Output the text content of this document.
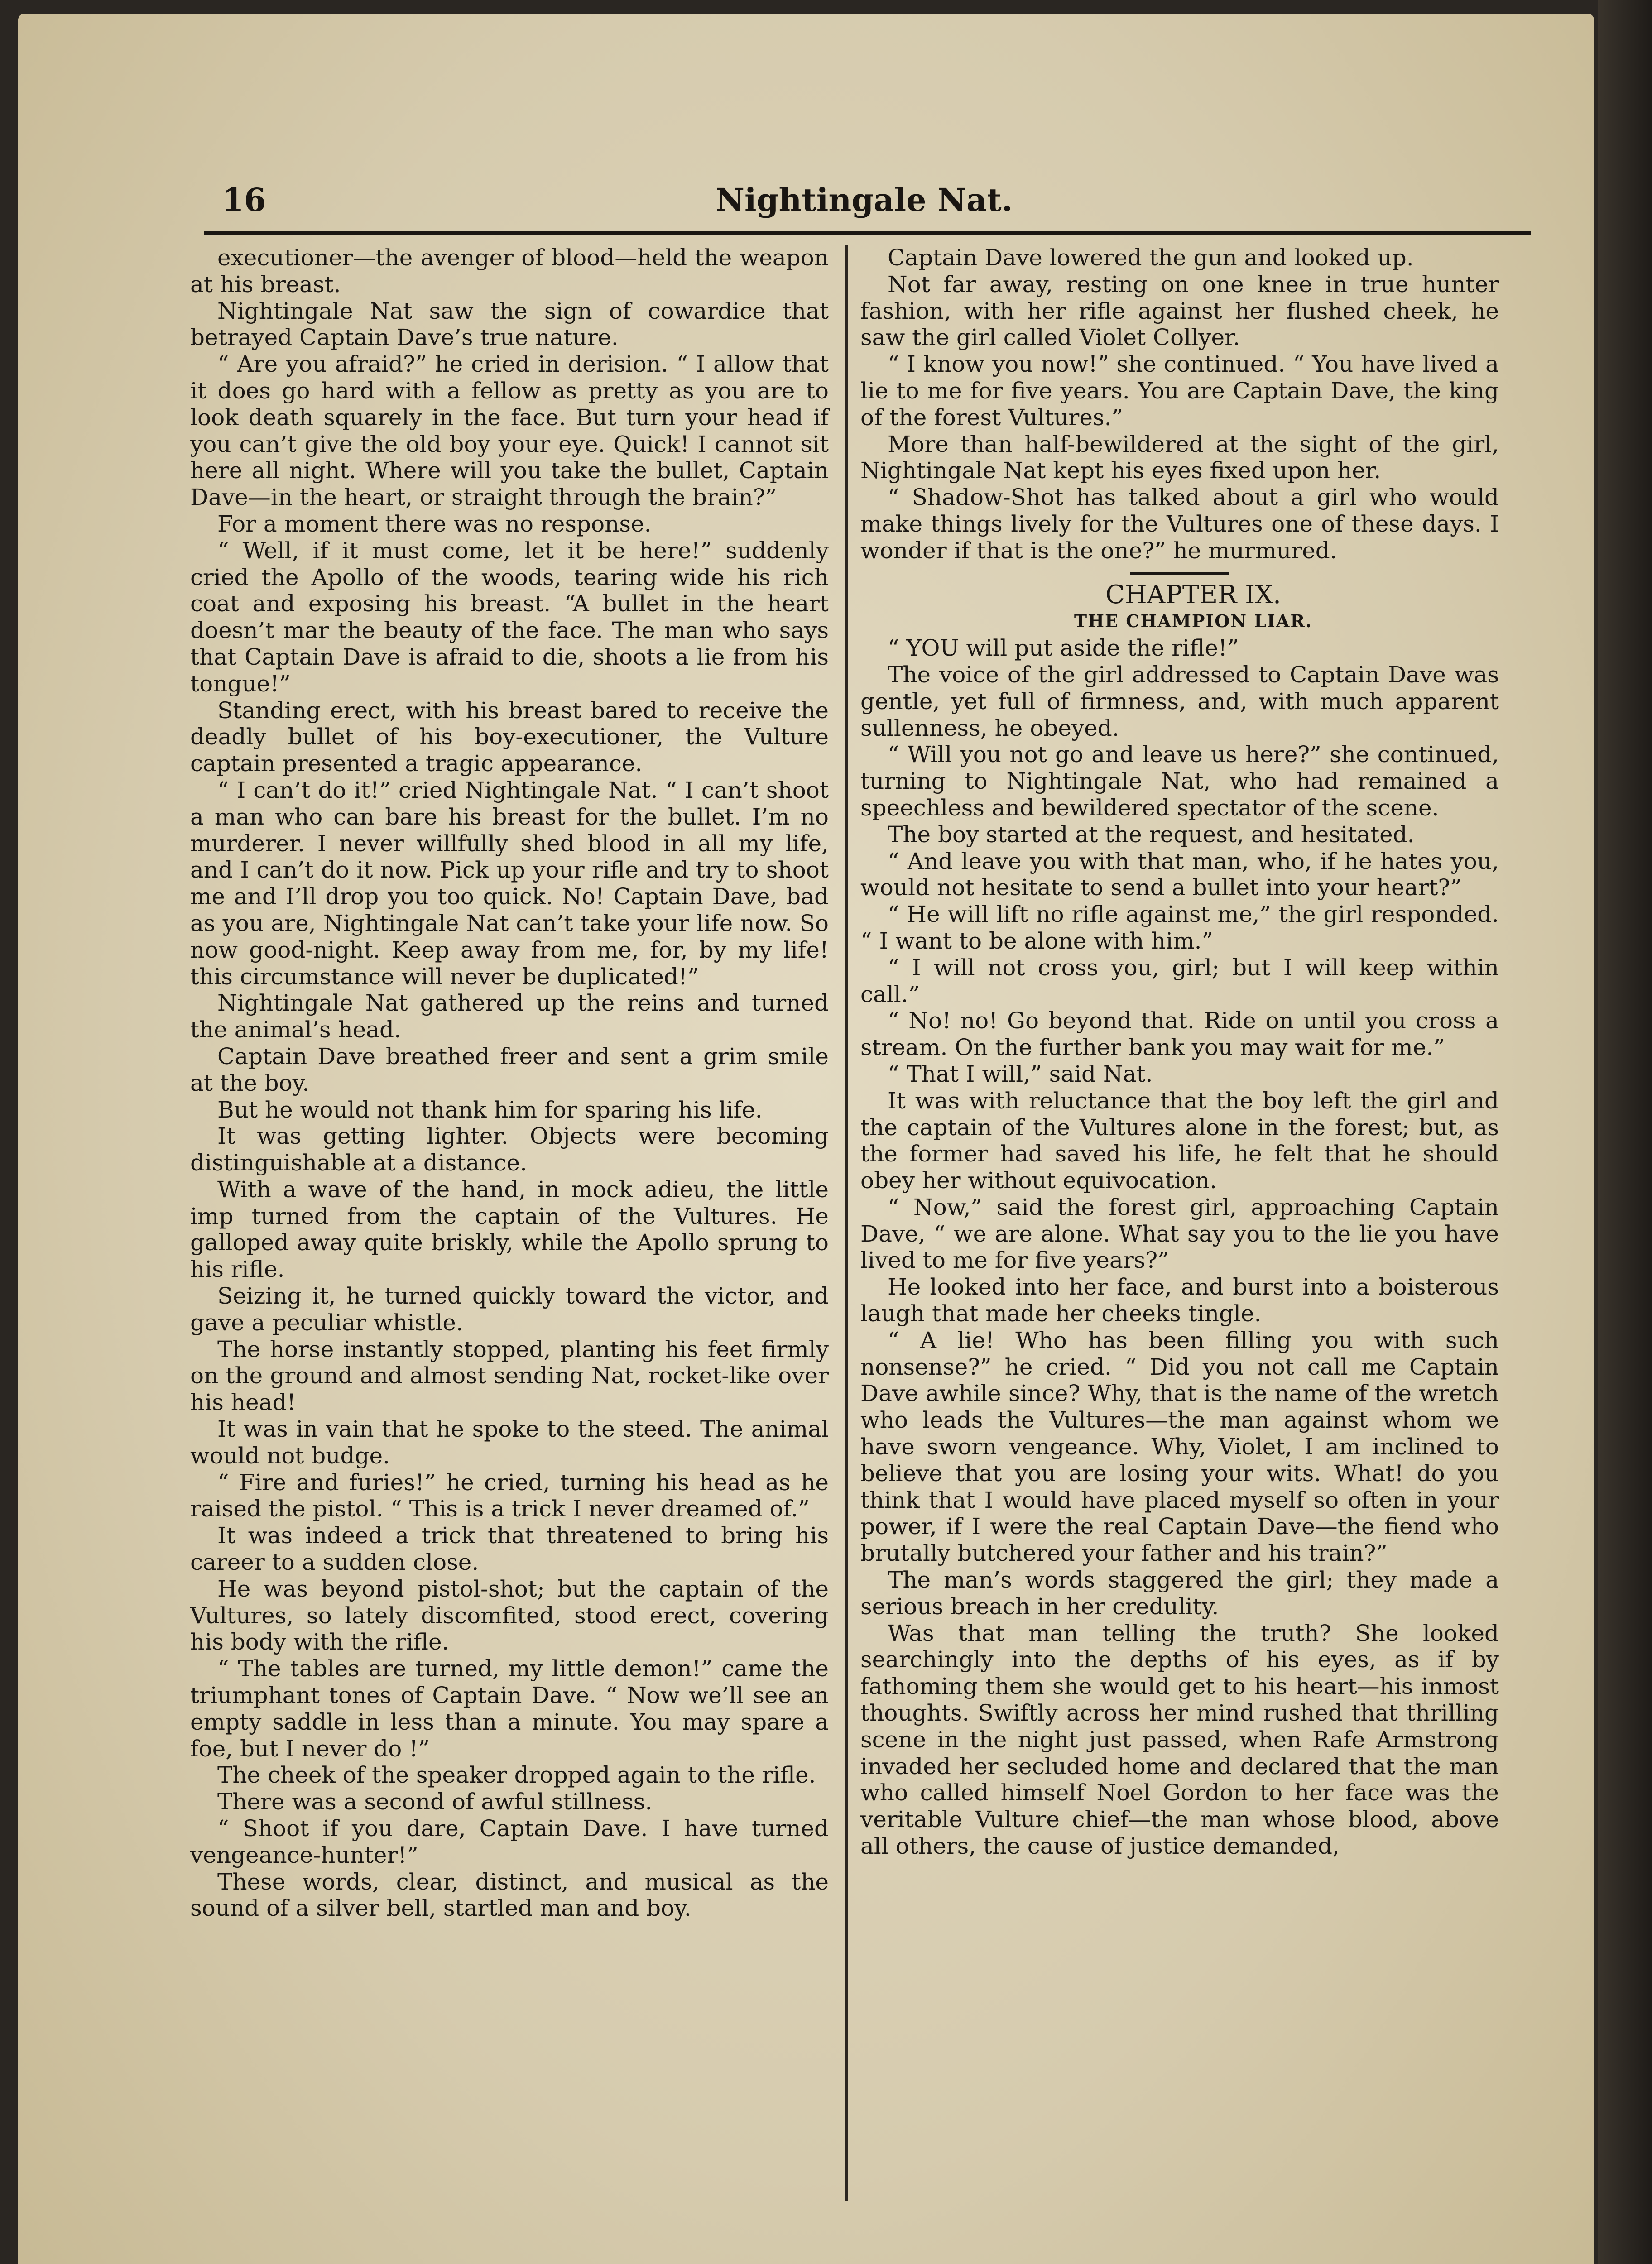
16	Nightingale Nat.

executioner—the avenger of blood—held the weapon at his breast.

Nightingale Nat saw the sign of cowardice that betrayed Captain Dave’s true nature.

“ Are you afraid?” he cried in derision. “ I allow that it does go hard with a fellow as pretty as you are to look death squarely in the face. But turn your head if you can’t give the old boy your eye. Quick! I cannot sit here all night. Where will you take the bullet, Captain Dave—in the heart, or straight through the brain?”

For a moment there was no response.

“ Well, if it must come, let it be here!” suddenly cried the Apollo of the woods, tearing wide his rich coat and exposing his breast. “A bullet in the heart doesn’t mar the beauty of the face. The man who says that Captain Dave is afraid to die, shoots a lie from his tongue!”

Standing erect, with his breast bared to receive the deadly bullet of his boy-executioner, the Vulture captain presented a tragic appearance.

“ I can’t do it!” cried Nightingale Nat. “ I can’t shoot a man who can bare his breast for the bullet. I’m no murderer. I never willfully shed blood in all my life, and I can’t do it now. Pick up your rifle and try to shoot me and I’ll drop you too quick. No! Captain Dave, bad as you are, Nightingale Nat can’t take your life now. So now good-night. Keep away from me, for, by my life! this circumstance will never be duplicated!”

Nightingale Nat gathered up the reins and turned the animal’s head.

Captain Dave breathed freer and sent a grim smile at the boy.

But he would not thank him for sparing his life.

It was getting lighter. Objects were becoming distinguishable at a distance.

With a wave of the hand, in mock adieu, the little imp turned from the captain of the Vultures. He galloped away quite briskly, while the Apollo sprung to his rifle.

Seizing it, he turned quickly toward the victor, and gave a peculiar whistle.

The horse instantly stopped, planting his feet firmly on the ground and almost sending Nat, rocket-like over his head!

It was in vain that he spoke to the steed. The animal would not budge.

“ Fire and furies!” he cried, turning his head as he raised the pistol. “ This is a trick I never dreamed of.”

It was indeed a trick that threatened to bring his career to a sudden close.

He was beyond pistol-shot; but the captain of the Vultures, so lately discomfited, stood erect, covering his body with the rifle.

“ The tables are turned, my little demon!” came the triumphant tones of Captain Dave. “ Now we’ll see an empty saddle in less than a minute. You may spare a foe, but I never do !”

The cheek of the speaker dropped again to the rifle.

There was a second of awful stillness.

“ Shoot if you dare, Captain Dave. I have turned vengeance-hunter!”

These words, clear, distinct, and musical as the sound of a silver bell, startled man and boy.

Captain Dave lowered the gun and looked up.

Not far away, resting on one knee in true hunter fashion, with her rifle against her flushed cheek, he saw the girl called Violet Collyer.

“ I know you now!” she continued. “ You have lived a lie to me for five years. You are Captain Dave, the king of the forest Vultures.”

More than half-bewildered at the sight of the girl, Nightingale Nat kept his eyes fixed upon her.

“ Shadow-Shot has talked about a girl who would make things lively for the Vultures one of these days. I wonder if that is the one?” he murmured.

CHAPTER IX.

THE CHAMPION LIAR.

“ YOU will put aside the rifle!”

The voice of the girl addressed to Captain Dave was gentle, yet full of firmness, and, with much apparent sullenness, he obeyed.

“ Will you not go and leave us here?” she continued, turning to Nightingale Nat, who had remained a speechless and bewildered spectator of the scene.

The boy started at the request, and hesitated.

“ And leave you with that man, who, if he hates you, would not hesitate to send a bullet into your heart?”

“ He will lift no rifle against me,” the girl responded. “ I want to be alone with him.”

“ I will not cross you, girl; but I will keep within call.”

“ No! no! Go beyond that. Ride on until you cross a stream. On the further bank you may wait for me.”

“ That I will,” said Nat.

It was with reluctance that the boy left the girl and the captain of the Vultures alone in the forest; but, as the former had saved his life, he felt that he should obey her without equivocation.

“ Now,” said the forest girl, approaching Captain Dave, “ we are alone. What say you to the lie you have lived to me for five years?”

He looked into her face, and burst into a boisterous laugh that made her cheeks tingle.

“ A lie! Who has been filling you with such nonsense?” he cried. “ Did you not call me Captain Dave awhile since? Why, that is the name of the wretch who leads the Vultures—the man against whom we have sworn vengeance. Why, Violet, I am inclined to believe that you are losing your wits. What! do you think that I would have placed myself so often in your power, if I were the real Captain Dave—the fiend who brutally butchered your father and his train?”

The man’s words staggered the girl; they made a serious breach in her credulity.

Was that man telling the truth? She looked searchingly into the depths of his eyes, as if by fathoming them she would get to his heart—his inmost thoughts. Swiftly across her mind rushed that thrilling scene in the night just passed, when Rafe Armstrong invaded her secluded home and declared that the man who called himself Noel Gordon to her face was the veritable Vulture chief—the man whose blood, above all others, the cause of justice demanded,
